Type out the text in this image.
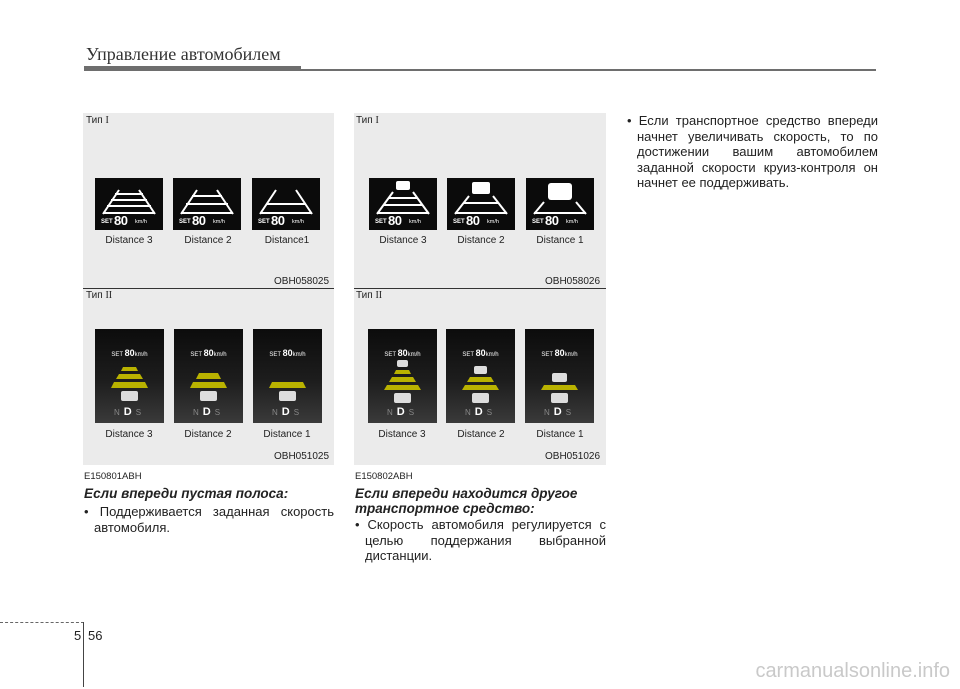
Управление автомобилем
Тип I
SET 80 km/h	SET 80 km/h	SET 80 km/h
Distance 3	Distance 2	Distance1
OBH058025
Тип II
SET 80km/h
NDS
SET 80km/h
NDS
SET 80km/h
NDS
Distance 3	Distance 2	Distance 1
OBH051025
E150801ABH
Если впереди пустая полоса:
• Поддерживается заданная скорость автомобиля.
Тип I
SET 80 km/h	SET 80 km/h	SET 80 km/h
Distance 3	Distance 2	Distance 1
OBH058026
Тип II
SET 80km/h
NDS
SET 80km/h
NDS
SET 80km/h
NDS
Distance 3	Distance 2	Distance 1
OBH051026
E150802ABH
Если впереди находится другое транспортное средство:
• Скорость автомобиля регулируется с целью поддержания выбранной дистанции.
• Если транспортное средство впереди начнет увеличивать скорость, то по достижении вашим автомобилем заданной скорости круиз-контроля он начнет ее поддерживать.
5 56
carmanualsonline.info
